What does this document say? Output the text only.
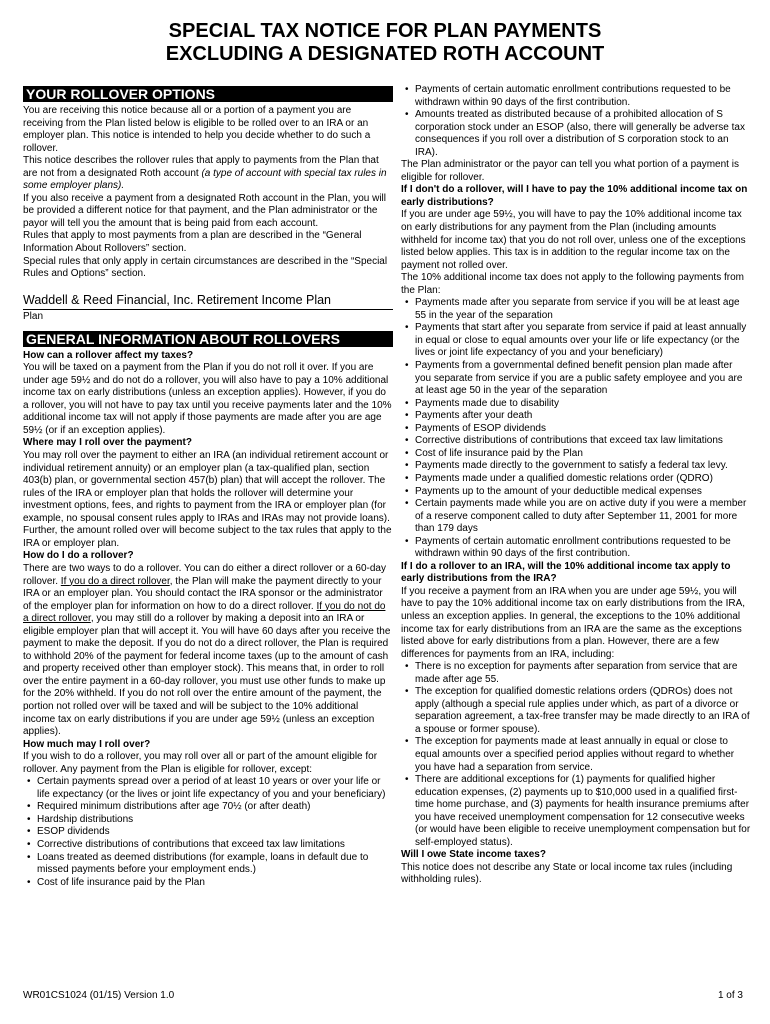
SPECIAL TAX NOTICE FOR PLAN PAYMENTS
EXCLUDING A DESIGNATED ROTH ACCOUNT
YOUR ROLLOVER OPTIONS

You are receiving this notice because all or a portion of a payment you are receiving from the Plan listed below is eligible to be rolled over to an IRA or an employer plan. This notice is intended to help you decide whether to do such a rollover.

This notice describes the rollover rules that apply to payments from the Plan that are not from a designated Roth account (a type of account with special tax rules in some employer plans).

If you also receive a payment from a designated Roth account in the Plan, you will be provided a different notice for that payment, and the Plan administrator or the payor will tell you the amount that is being paid from each account.

Rules that apply to most payments from a plan are described in the “General Information About Rollovers” section.

Special rules that only apply in certain circumstances are described in the “Special Rules and Options” section.

Waddell & Reed Financial, Inc. Retirement Income Plan
Plan
GENERAL INFORMATION ABOUT ROLLOVERS

How can a rollover affect my taxes?

You will be taxed on a payment from the Plan if you do not roll it over. If you are under age 59½ and do not do a rollover, you will also have to pay a 10% additional income tax on early distributions (unless an exception applies). However, if you do a rollover, you will not have to pay tax until you receive payments later and the 10% additional income tax will not apply if those payments are made after you are age 59½ (or if an exception applies).

Where may I roll over the payment?

You may roll over the payment to either an IRA (an individual retirement account or individual retirement annuity) or an employer plan (a tax-qualified plan, section 403(b) plan, or governmental section 457(b) plan) that will accept the rollover. The rules of the IRA or employer plan that holds the rollover will determine your investment options, fees, and rights to payment from the IRA or employer plan (for example, no spousal consent rules apply to IRAs and IRAs may not provide loans). Further, the amount rolled over will become subject to the tax rules that apply to the IRA or employer plan.

How do I do a rollover?

There are two ways to do a rollover. You can do either a direct rollover or a 60-day rollover. If you do a direct rollover, the Plan will make the payment directly to your IRA or an employer plan. You should contact the IRA sponsor or the administrator of the employer plan for information on how to do a direct rollover. If you do not do a direct rollover, you may still do a rollover by making a deposit into an IRA or eligible employer plan that will accept it. You will have 60 days after you receive the payment to make the deposit. If you do not do a direct rollover, the Plan is required to withhold 20% of the payment for federal income taxes (up to the amount of cash and property received other than employer stock). This means that, in order to roll over the entire payment in a 60-day rollover, you must use other funds to make up for the 20% withheld. If you do not roll over the entire amount of the payment, the portion not rolled over will be taxed and will be subject to the 10% additional income tax on early distributions if you are under age 59½ (unless an exception applies).

How much may I roll over?

If you wish to do a rollover, you may roll over all or part of the amount eligible for rollover. Any payment from the Plan is eligible for rollover, except:

• Certain payments spread over a period of at least 10 years or over your life or life expectancy (or the lives or joint life expectancy of you and your beneficiary)
• Required minimum distributions after age 70½ (or after death)
• Hardship distributions
• ESOP dividends
• Corrective distributions of contributions that exceed tax law limitations
• Loans treated as deemed distributions (for example, loans in default due to missed payments before your employment ends.)
• Cost of life insurance paid by the Plan
• Payments of certain automatic enrollment contributions requested to be withdrawn within 90 days of the first contribution.
• Amounts treated as distributed because of a prohibited allocation of S corporation stock under an ESOP (also, there will generally be adverse tax consequences if you roll over a distribution of S corporation stock to an IRA).

The Plan administrator or the payor can tell you what portion of a payment is eligible for rollover.

If I don't do a rollover, will I have to pay the 10% additional income tax on early distributions?

If you are under age 59½, you will have to pay the 10% additional income tax on early distributions for any payment from the Plan (including amounts withheld for income tax) that you do not roll over, unless one of the exceptions listed below applies. This tax is in addition to the regular income tax on the payment not rolled over.

The 10% additional income tax does not apply to the following payments from the Plan:

• Payments made after you separate from service if you will be at least age 55 in the year of the separation
• Payments that start after you separate from service if paid at least annually in equal or close to equal amounts over your life or life expectancy (or the lives or joint life expectancy of you and your beneficiary)
• Payments from a governmental defined benefit pension plan made after you separate from service if you are a public safety employee and you are at least age 50 in the year of the separation
• Payments made due to disability
• Payments after your death
• Payments of ESOP dividends
• Corrective distributions of contributions that exceed tax law limitations
• Cost of life insurance paid by the Plan
• Payments made directly to the government to satisfy a federal tax levy.
• Payments made under a qualified domestic relations order (QDRO)
• Payments up to the amount of your deductible medical expenses
• Certain payments made while you are on active duty if you were a member of a reserve component called to duty after September 11, 2001 for more than 179 days
• Payments of certain automatic enrollment contributions requested to be withdrawn within 90 days of the first contribution.

If I do a rollover to an IRA, will the 10% additional income tax apply to early distributions from the IRA?

If you receive a payment from an IRA when you are under age 59½, you will have to pay the 10% additional income tax on early distributions from the IRA, unless an exception applies. In general, the exceptions to the 10% additional income tax for early distributions from an IRA are the same as the exceptions listed above for early distributions from a plan. However, there are a few differences for payments from an IRA, including:

• There is no exception for payments after separation from service that are made after age 55.
• The exception for qualified domestic relations orders (QDROs) does not apply (although a special rule applies under which, as part of a divorce or separation agreement, a tax-free transfer may be made directly to an IRA of a spouse or former spouse).
• The exception for payments made at least annually in equal or close to equal amounts over a specified period applies without regard to whether you have had a separation from service.
• There are additional exceptions for (1) payments for qualified higher education expenses, (2) payments up to $10,000 used in a qualified first-time home purchase, and (3) payments for health insurance premiums after you have received unemployment compensation for 12 consecutive weeks (or would have been eligible to receive unemployment compensation but for self-employed status).

Will I owe State income taxes?

This notice does not describe any State or local income tax rules (including withholding rules).

WR01CS1024 (01/15) Version 1.0	1 of 3
